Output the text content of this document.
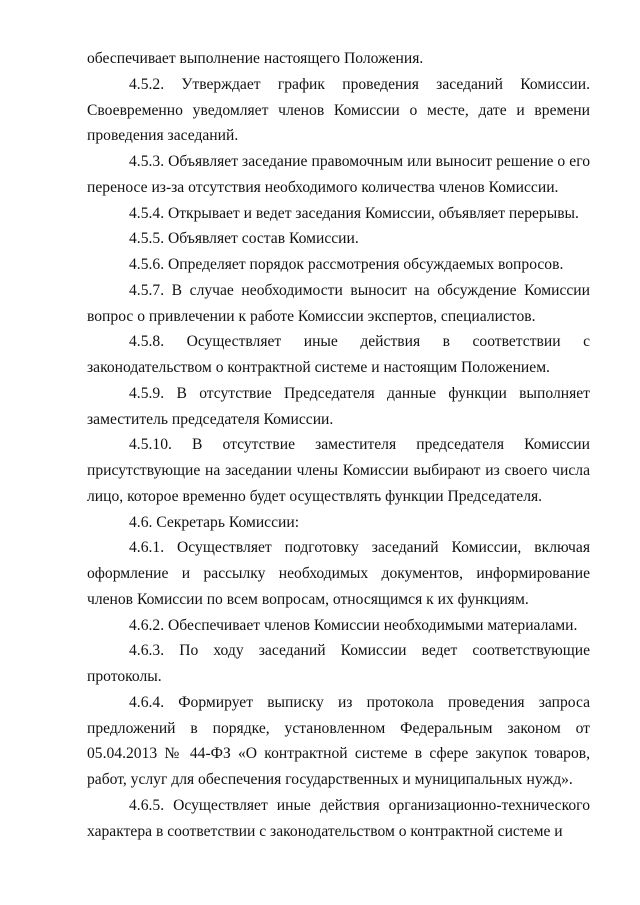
обеспечивает выполнение настоящего Положения.

4.5.2. Утверждает график проведения заседаний Комиссии. Своевременно уведомляет членов Комиссии о месте, дате и времени проведения заседаний.

4.5.3. Объявляет заседание правомочным или выносит решение о его переносе из-за отсутствия необходимого количества членов Комиссии.

4.5.4. Открывает и ведет заседания Комиссии, объявляет перерывы.

4.5.5. Объявляет состав Комиссии.

4.5.6. Определяет порядок рассмотрения обсуждаемых вопросов.

4.5.7. В случае необходимости выносит на обсуждение Комиссии вопрос о привлечении к работе Комиссии экспертов, специалистов.

4.5.8. Осуществляет иные действия в соответствии с законодательством о контрактной системе и настоящим Положением.

4.5.9. В отсутствие Председателя данные функции выполняет заместитель председателя Комиссии.

4.5.10. В отсутствие заместителя председателя Комиссии присутствующие на заседании члены Комиссии выбирают из своего числа лицо, которое временно будет осуществлять функции Председателя.

4.6. Секретарь Комиссии:

4.6.1. Осуществляет подготовку заседаний Комиссии, включая оформление и рассылку необходимых документов, информирование членов Комиссии по всем вопросам, относящимся к их функциям.

4.6.2. Обеспечивает членов Комиссии необходимыми материалами.

4.6.3. По ходу заседаний Комиссии ведет соответствующие протоколы.

4.6.4. Формирует выписку из протокола проведения запроса предложений в порядке, установленном Федеральным законом от 05.04.2013 № 44-ФЗ «О контрактной системе в сфере закупок товаров, работ, услуг для обеспечения государственных и муниципальных нужд».

4.6.5. Осуществляет иные действия организационно-технического характера в соответствии с законодательством о контрактной системе и
